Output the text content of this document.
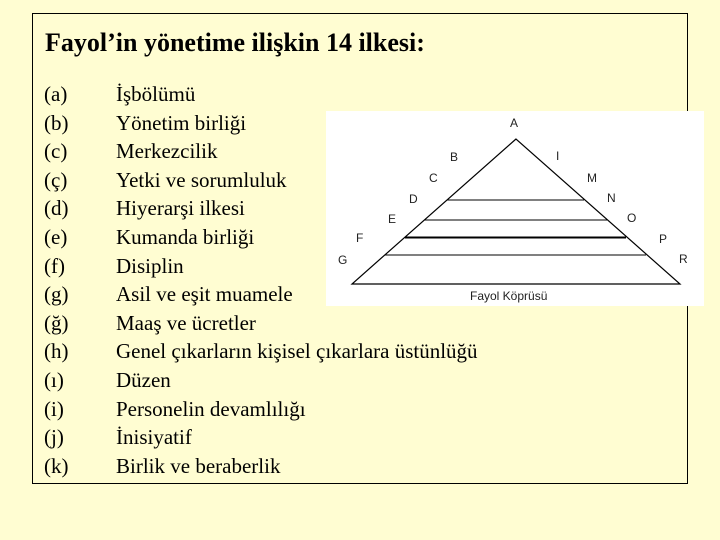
Fayol’in yönetime ilişkin 14 ilkesi:
(a) İşbölümü
(b) Yönetim birliği
(c) Merkezcilik
(ç) Yetki ve sorumluluk
(d) Hiyerarşi ilkesi
(e) Kumanda birliği
(f) Disiplin
(g) Asil ve eşit muamele
(ğ) Maaş ve ücretler
(h) Genel çıkarların kişisel çıkarlara üstünlüğü
(ı) Düzen
(i) Personelin devamlılığı
(j) İnisiyatif
(k) Birlik ve beraberlik
A
B
C
D
E
F
G
I
M
N
O
P
R
Fayol Köprüsü
